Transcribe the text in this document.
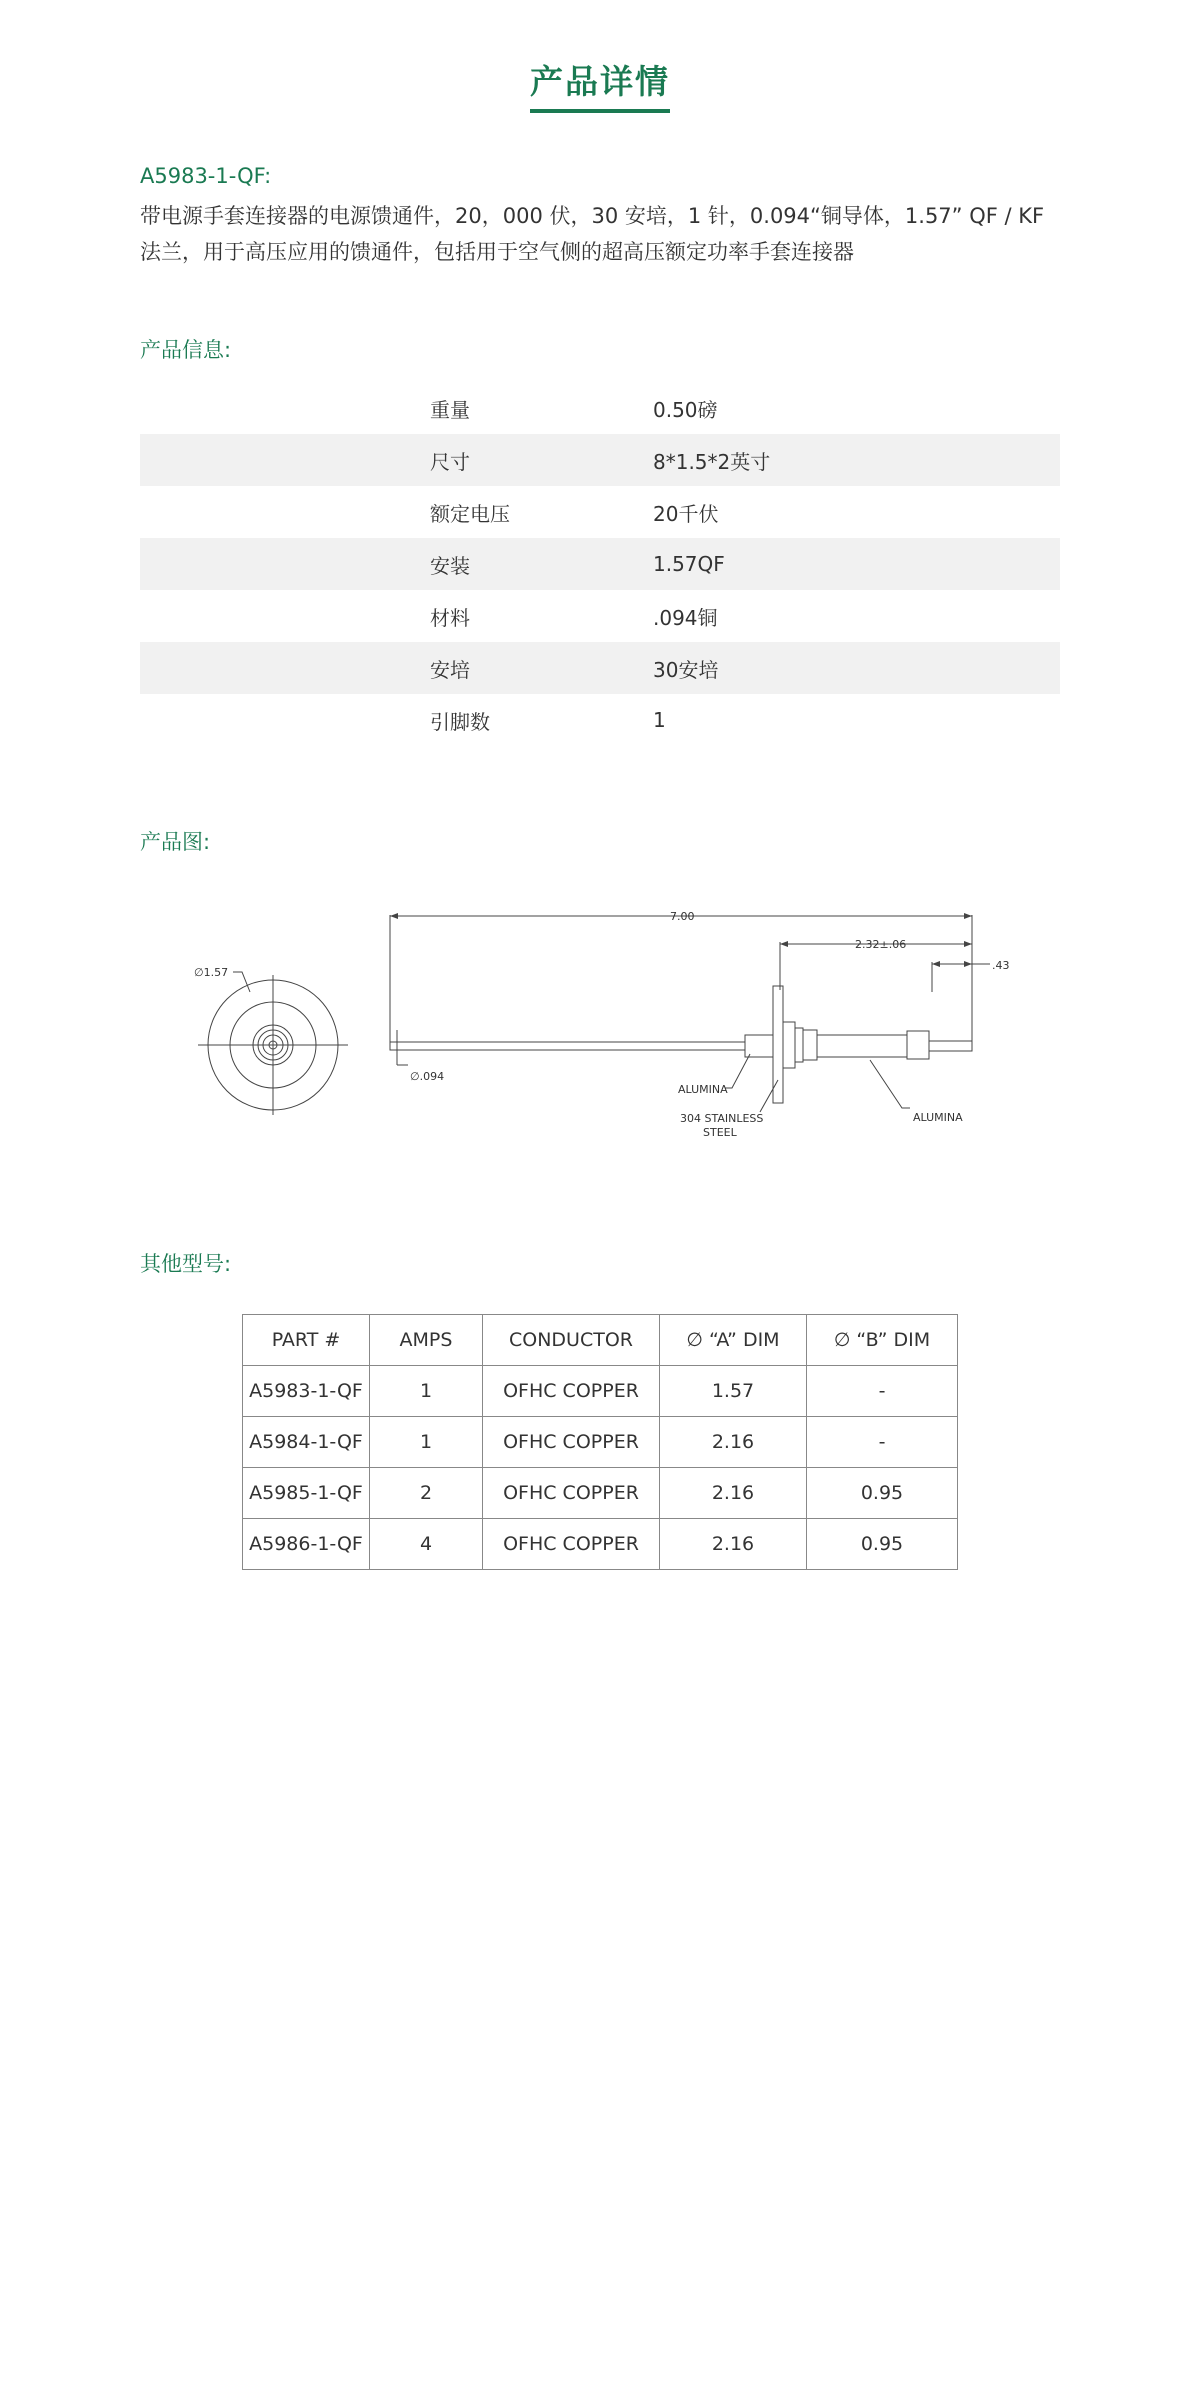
产品详情
A5983-1-QF:
带电源手套连接器的电源馈通件，20，000 伏，30 安培，1 针，0.094“铜导体，1.57” QF / KF 法兰，用于高压应用的馈通件，包括用于空气侧的超高压额定功率手套连接器
产品信息:
重量	0.50磅
尺寸	8*1.5*2英寸
额定电压	20千伏
安装	1.57QF
材料	.094铜
安培	30安培
引脚数	1
产品图:
∅1.57
7.00
2.32±.06
.43
∅.094
ALUMINA
304 STAINLESS
STEEL
ALUMINA
其他型号:
PART #	AMPS	CONDUCTOR	∅ “A” DIM	∅ “B” DIM
A5983-1-QF	1	OFHC COPPER	1.57	-
A5984-1-QF	1	OFHC COPPER	2.16	-
A5985-1-QF	2	OFHC COPPER	2.16	0.95
A5986-1-QF	4	OFHC COPPER	2.16	0.95
